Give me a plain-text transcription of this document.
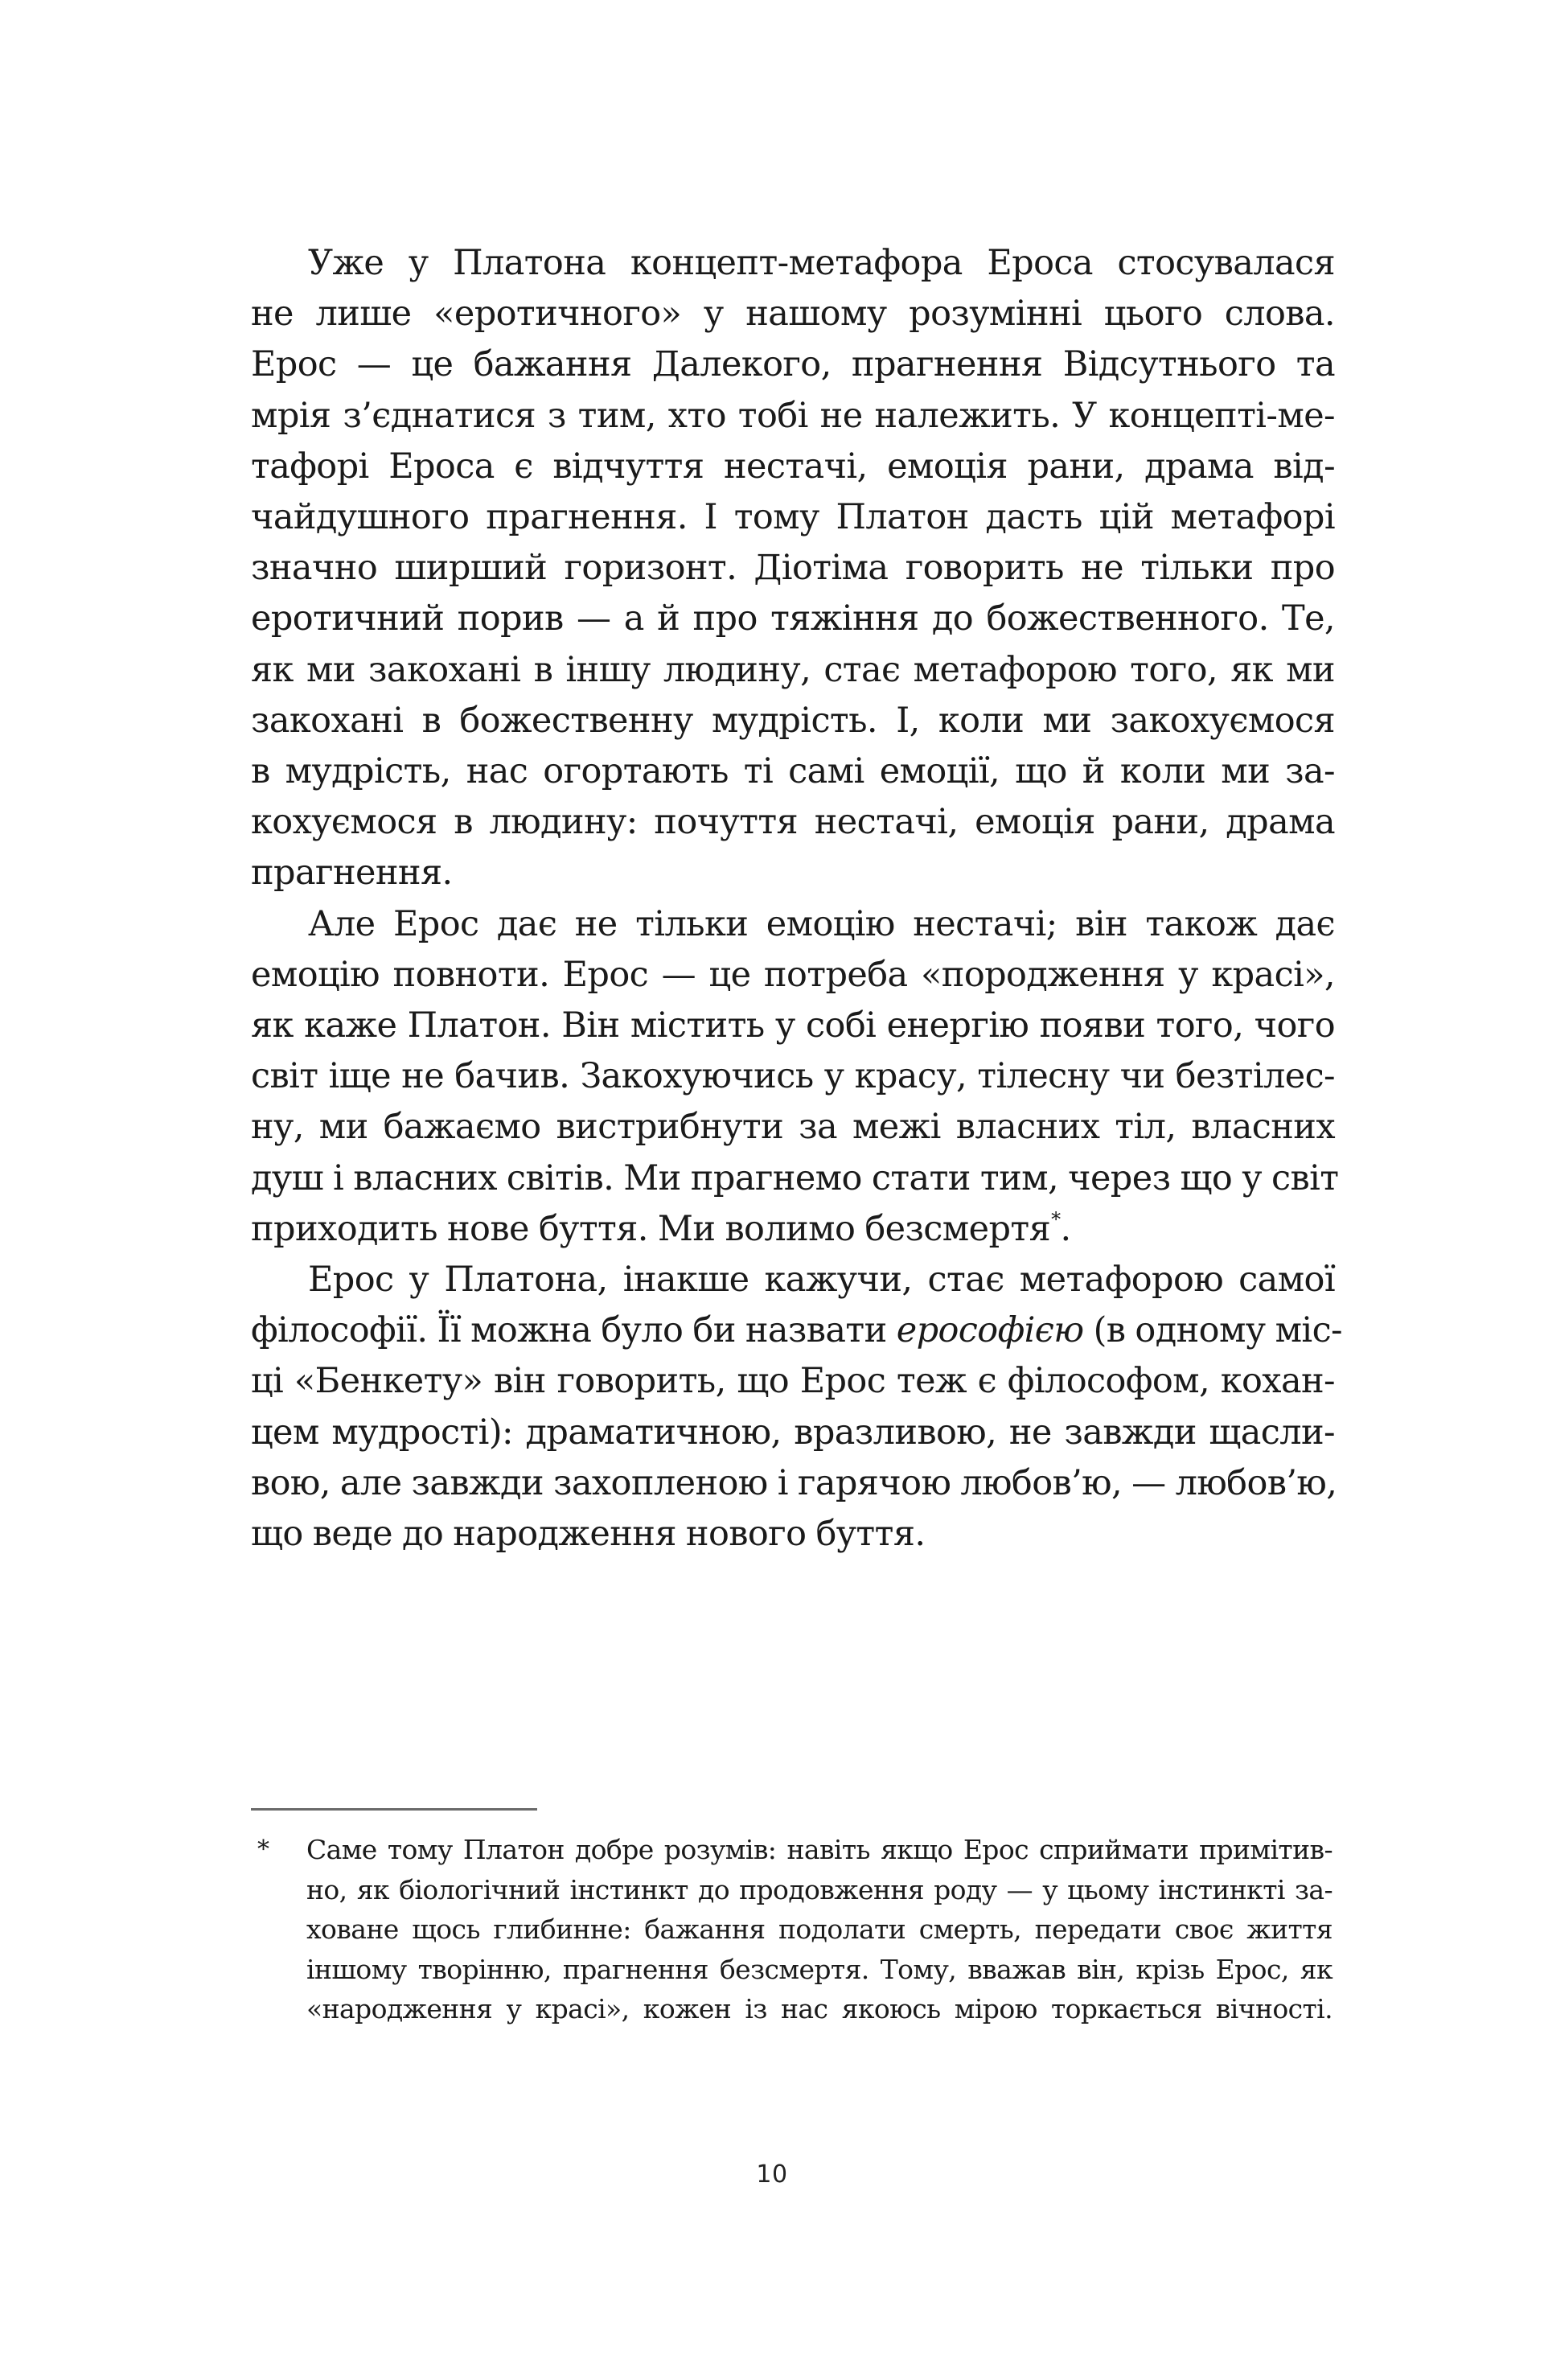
Уже у Платона концепт-метафора Ероса стосувалася
не лише «еротичного» у нашому розумінні цього слова.
Ерос — це бажання Далекого, прагнення Відсутнього та
мрія з’єднатися з тим, хто тобі не належить. У концепті-ме-
тафорі Ероса є відчуття нестачі, емоція рани, драма від-
чайдушного прагнення. І тому Платон дасть цій метафорі
значно ширший горизонт. Діотіма говорить не тільки про
еротичний порив — а й про тяжіння до божественного. Те,
як ми закохані в іншу людину, стає метафорою того, як ми
закохані в божественну мудрість. І, коли ми закохуємося
в мудрість, нас огортають ті самі емоції, що й коли ми за-
кохуємося в людину: почуття нестачі, емоція рани, драма
прагнення.
Але Ерос дає не тільки емоцію нестачі; він також дає
емоцію повноти. Ерос — це потреба «породження у красі»,
як каже Платон. Він містить у собі енергію появи того, чого
світ іще не бачив. Закохуючись у красу, тілесну чи безтілес-
ну, ми бажаємо вистрибнути за межі власних тіл, власних
душ і власних світів. Ми прагнемо стати тим, через що у світ
приходить нове буття. Ми волимо безсмертя*.
Ерос у Платона, інакше кажучи, стає метафорою самої
філософії. Її можна було би назвати ерософією (в одному міс-
ці «Бенкету» він говорить, що Ерос теж є філософом, кохан-
цем мудрості): драматичною, вразливою, не завжди щасли-
вою, але завжди захопленою і гарячою любов’ю, — любов’ю,
що веде до народження нового буття.
* Саме тому Платон добре розумів: навіть якщо Ерос сприймати примітив-
но, як біологічний інстинкт до продовження роду — у цьому інстинкті за-
ховане щось глибинне: бажання подолати смерть, передати своє життя
іншому творінню, прагнення безсмертя. Тому, вважав він, крізь Ерос, як
«народження у красі», кожен із нас якоюсь мірою торкається вічності.
10
